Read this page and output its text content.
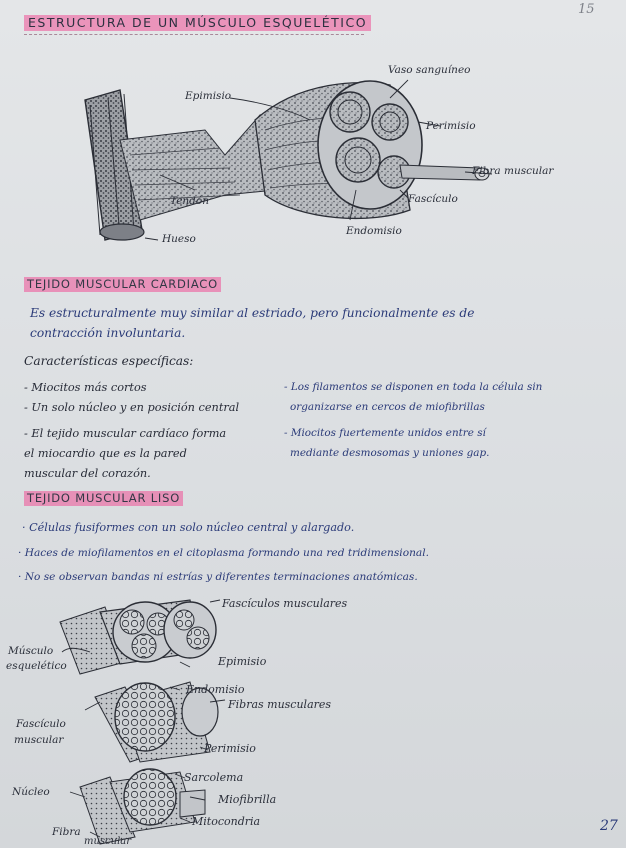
15
ESTRUCTURA DE UN MÚSCULO ESQUELÉTICO
Vaso sanguíneo
Epimisio
Perimisio
Fibra muscular
Fascículo
Tendón
Endomisio
Hueso
TEJIDO MUSCULAR CARDIACO
Es estructuralmente muy similar al estriado, pero funcionalmente es de
contracción involuntaria.
Características específicas:
- Miocitos más cortos
- Un solo núcleo y en posición central
- El tejido muscular cardíaco forma
el miocardio que es la pared
muscular del corazón.
- Los filamentos se disponen en toda la célula sin
organizarse en cercos de miofibrillas
- Miocitos fuertemente unidos entre sí
mediante desmosomas y uniones gap.
TEJIDO MUSCULAR LISO
· Células fusiformes con un solo núcleo central y alargado.
· Haces de miofilamentos en el citoplasma formando una red tridimensional.
· No se observan bandas ni estrías y diferentes terminaciones anatómicas.
Fascículos musculares
Músculo
esquelético	Epimisio
Endomisio
Fibras musculares
Fascículo
muscular
Perimisio
Sarcolema
Núcleo
Miofibrilla
Mitocondria
Fibra
muscular
27
